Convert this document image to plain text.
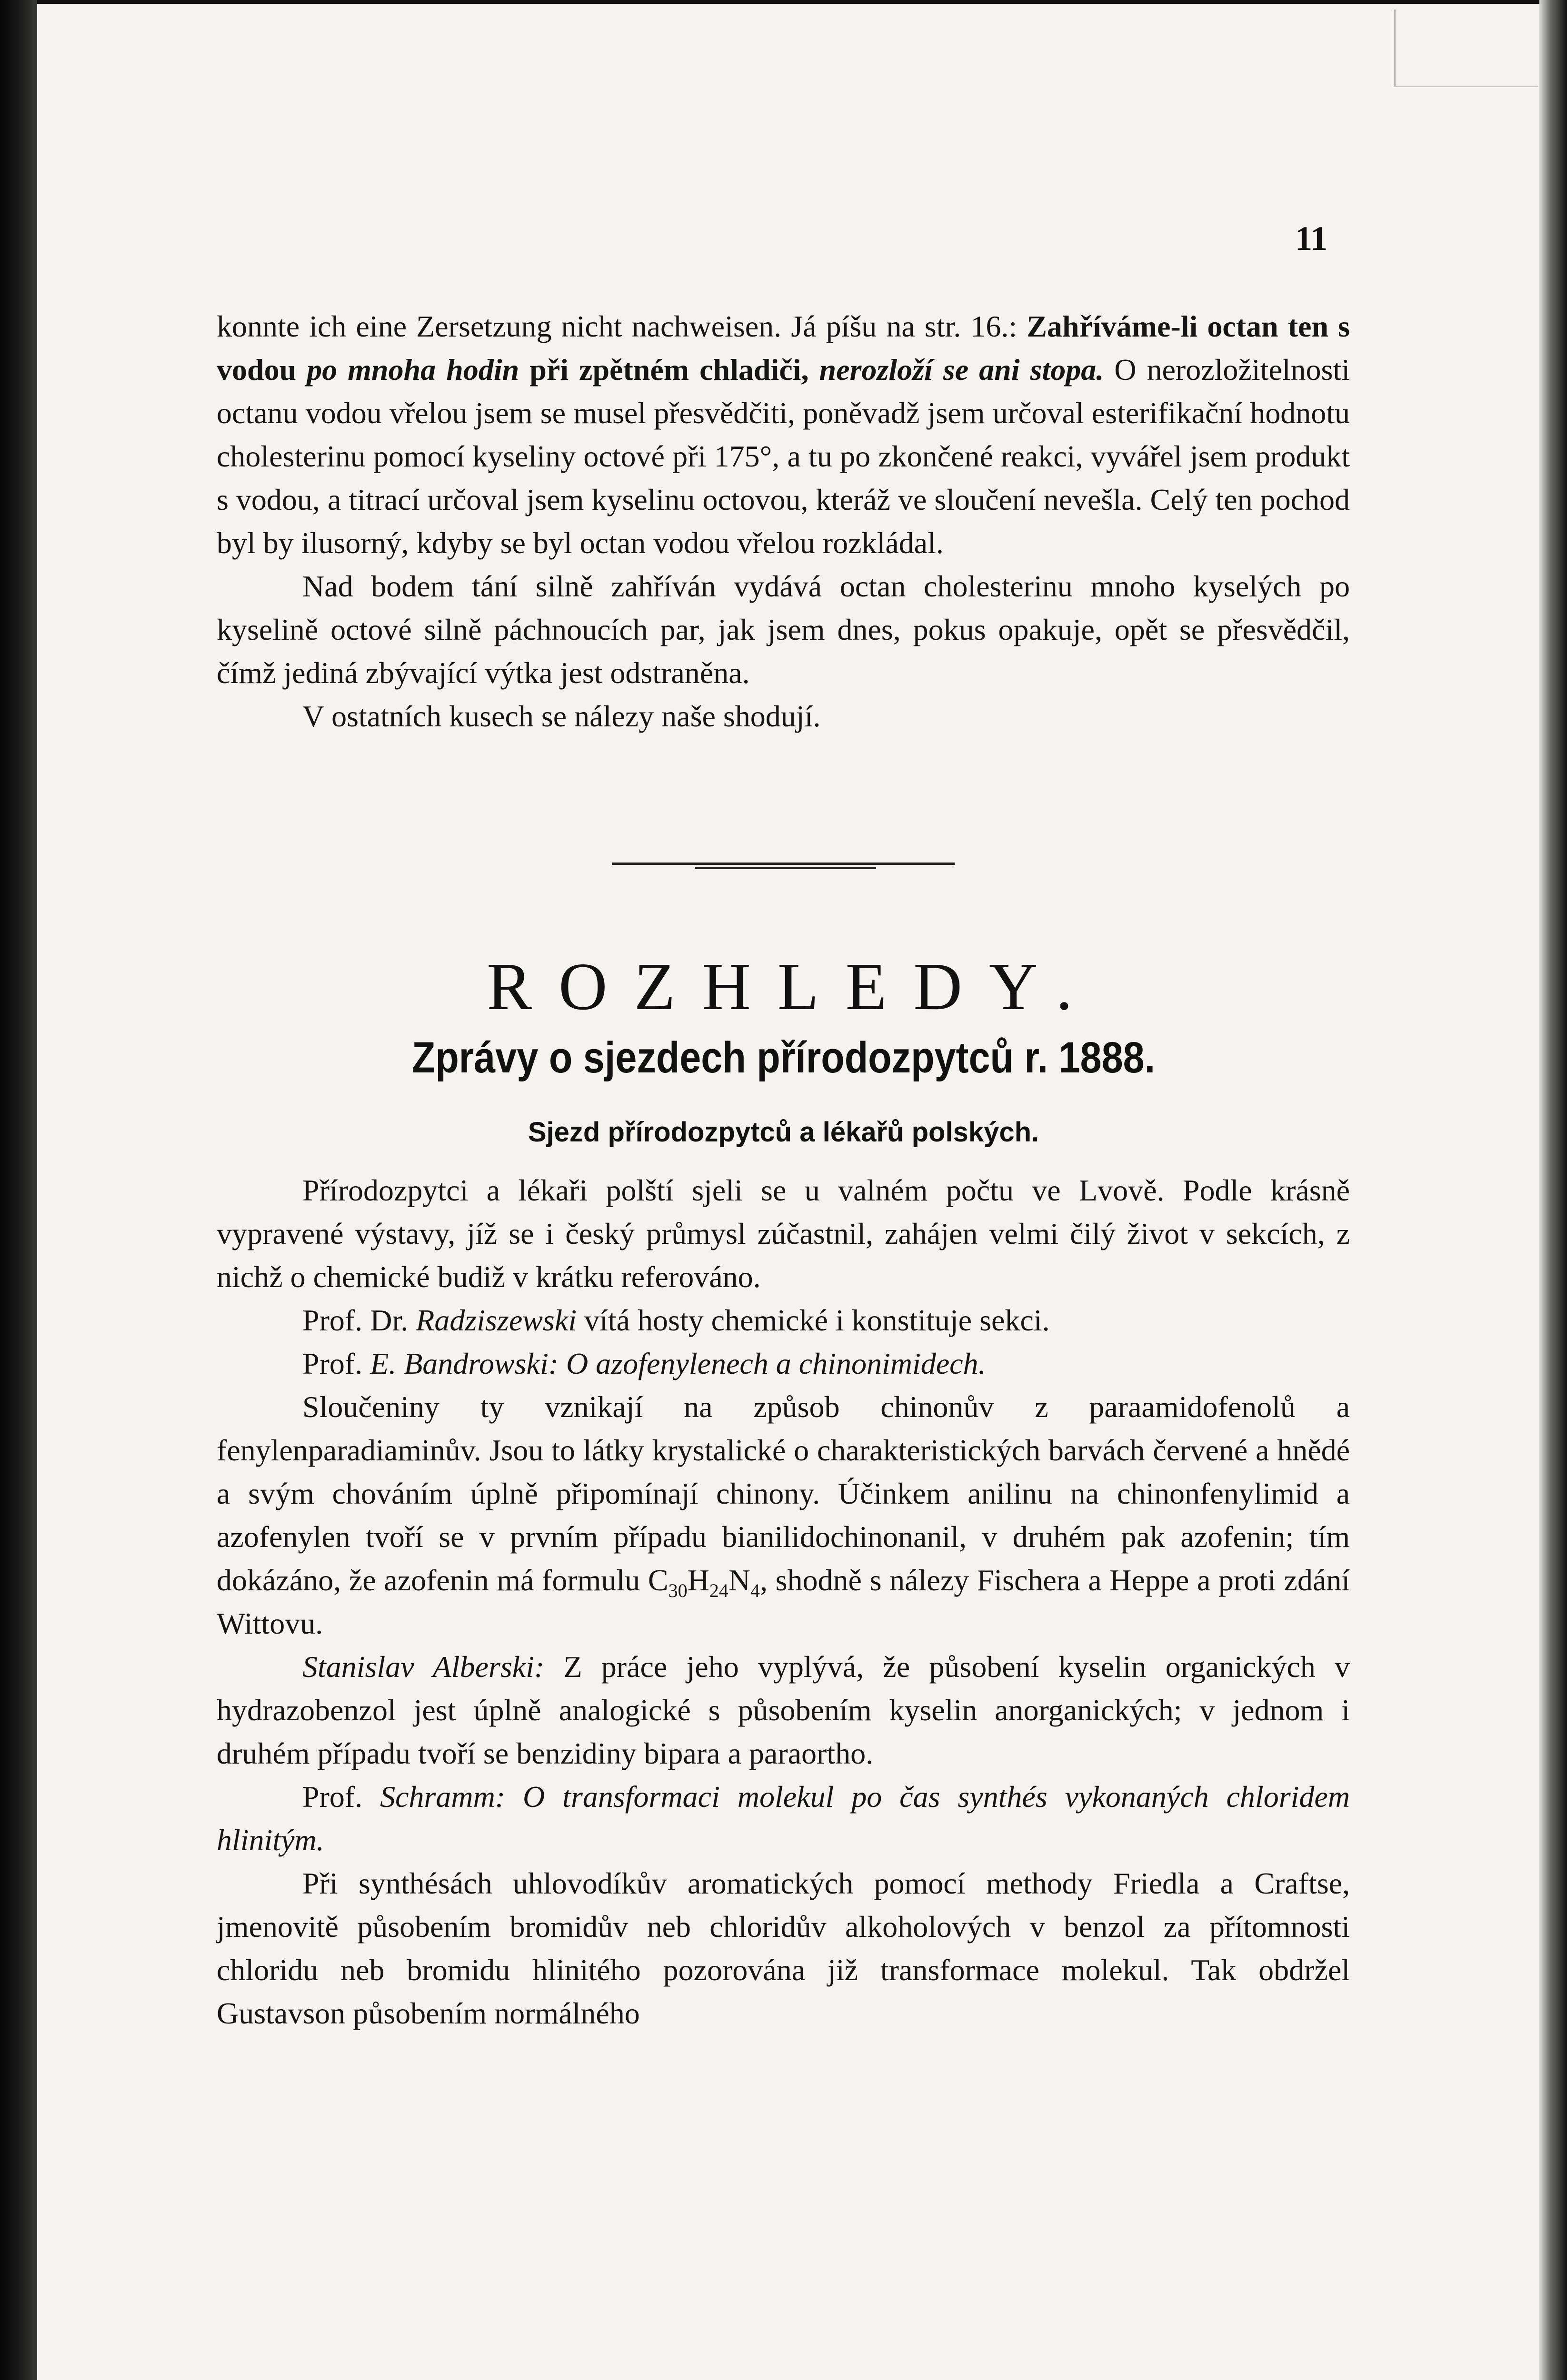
11

konnte ich eine Zersetzung nicht nachweisen. Já píšu na str. 16.: Zahříváme-li octan ten s vodou po mnoha hodin při zpětném chladiči, nerozloží se ani stopa. O nerozložitelnosti octanu vodou vřelou jsem se musel přesvědčiti, poněvadž jsem určoval esterifikační hodnotu cholesterinu pomocí kyseliny octové při 175°, a tu po zkončené reakci, vyvářel jsem produkt s vodou, a titrací určoval jsem kyselinu octovou, kteráž ve sloučení nevešla. Celý ten pochod byl by ilusorný, kdyby se byl octan vodou vřelou rozkládal.

Nad bodem tání silně zahříván vydává octan cholesterinu mnoho kyselých po kyselině octové silně páchnoucích par, jak jsem dnes, pokus opakuje, opět se přesvědčil, čímž jediná zbývající výtka jest odstraněna.

V ostatních kusech se nálezy naše shodují.

ROZHLEDY.
Zprávy o sjezdech přírodozpytců r. 1888.
Sjezd přírodozpytců a lékařů polských.

Přírodozpytci a lékaři polští sjeli se u valném počtu ve Lvově. Podle krásně vypravené výstavy, jíž se i český průmysl zúčastnil, zahájen velmi čilý život v sekcích, z nichž o chemické budiž v krátku referováno.

Prof. Dr. Radziszewski vítá hosty chemické i konstituje sekci.

Prof. E. Bandrowski: O azofenylenech a chinonimidech.

Sloučeniny ty vznikají na způsob chinonův z paraamidofenolů a fenylenparadiaminův. Jsou to látky krystalické o charakteristických barvách červené a hnědé a svým chováním úplně připomínají chinony. Účinkem anilinu na chinonfenylimid a azofenylen tvoří se v prvním případu bianilidochinonanil, v druhém pak azofenin; tím dokázáno, že azofenin má formulu $C_{30}H_{24}N_4$, shodně s nálezy Fischera a Heppe a proti zdání Wittovu.

Stanislav Alberski: Z práce jeho vyplývá, že působení kyselin organických v hydrazobenzol jest úplně analogické s působením kyselin anorganických; v jednom i druhém případu tvoří se benzidiny bipara a paraortho.

Prof. Schramm: O transformaci molekul po čas synthés vykonaných chloridem hlinitým.

Při synthésách uhlovodíkův aromatických pomocí methody Friedla a Craftse, jmenovitě působením bromidův neb chloridův alkoholových v benzol za přítomnosti chloridu neb bromidu hlinitého pozorována již transformace molekul. Tak obdržel Gustavson působením normálného
